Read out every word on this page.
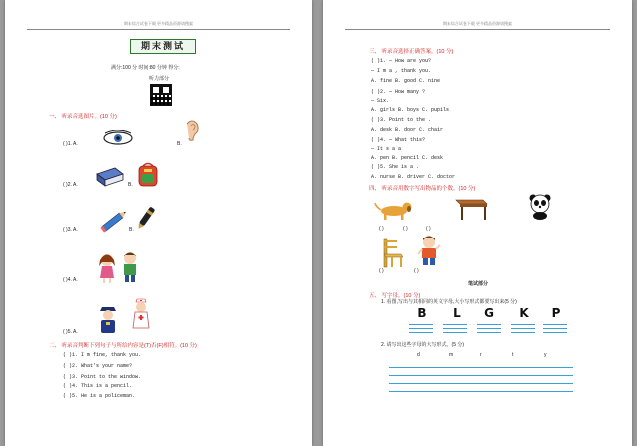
期末综合试卷下载 更多精品资源请搜索
期末测试
满分:100 分 时间:80 分钟 得分:
听力部分
一、 听录音选图片。(10 分)
( )1. A.	B.
( )2. A.	B.
( )3. A.	B.
( )4. A.
( )5. A.
二、 听录音判断下列句子与所给内容是(T)否(F)相符。(10 分)
( )1. I m fine, thank you.
( )2. What's your name?
( )3. Point to the window.
( )4. This is a pencil.
( )5. He is a policeman.
期末综合试卷下载 更多精品资源请搜索
三、 听录音选择正确答案。(10 分)
( )1. — How are you?
— I m a , thank you.
A. fine B. good C. nine
( )2. — How many ?
— Six.
A. girls B. boys C. pupils
( )3. Point to the .
A. desk B. door C. chair
( )4. — What this?
— It s a a
A. pen B. pencil C. desk
( )5. She is a .
A. nurse B. driver C. doctor
四、 听录音用数字写出物品的个数。(10 分)
( )	( )	( )
( )	( )
笔试部分
五、 写字母。(10 分)
1. 看图,写出与其相同的英文字母,大小写形式都要写出来(5 分)
B L G K P
2. 请写出这些字母的大写形式。(5 分)
d	m	r	t	y
